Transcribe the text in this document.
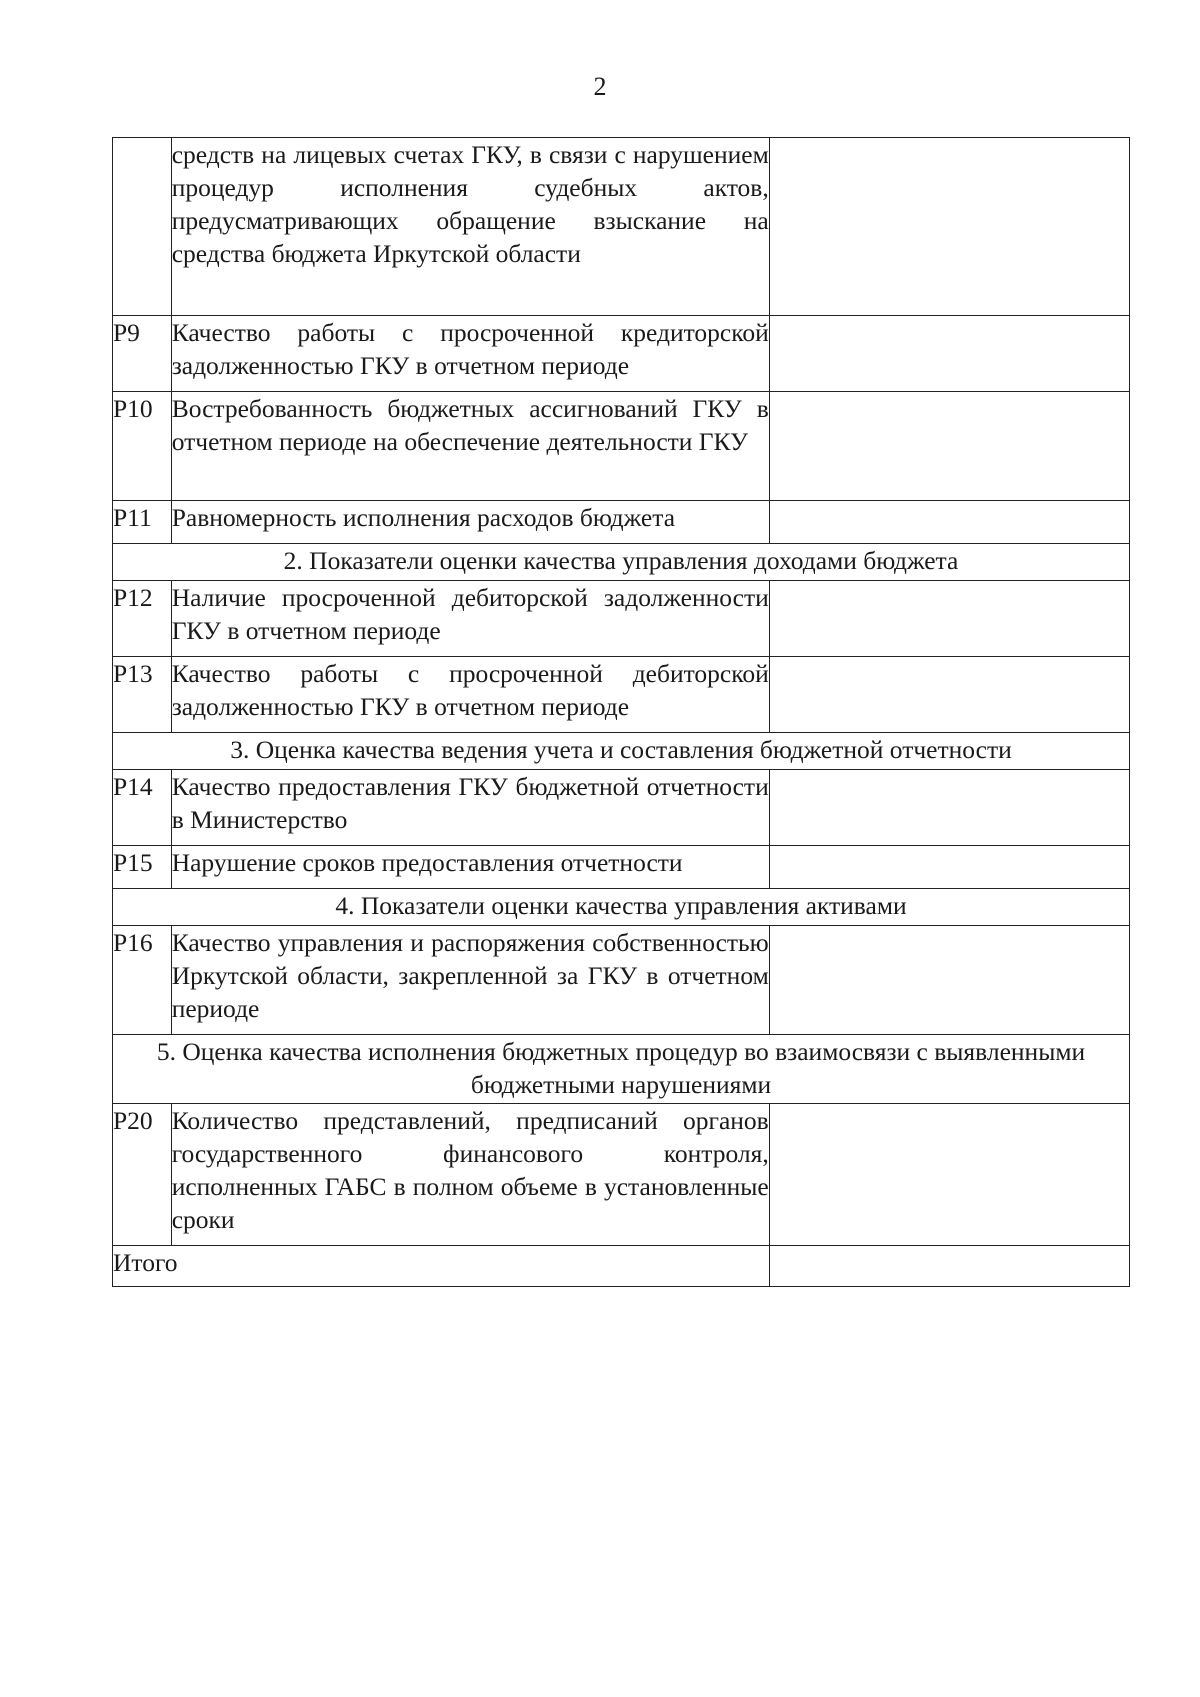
2
	средств на лицевых счетах ГКУ, в связи с нарушением процедур исполнения судебных актов, предусматривающих обращение взыскание на средства бюджета Иркутской области	
Р9	Качество работы с просроченной кредиторской задолженностью ГКУ в отчетном периоде	
Р10	Востребованность бюджетных ассигнований ГКУ в отчетном периоде на обеспечение деятельности ГКУ	
Р11	Равномерность исполнения расходов бюджета	
2. Показатели оценки качества управления доходами бюджета		
Р12	Наличие просроченной дебиторской задолженности ГКУ в отчетном периоде	
Р13	Качество работы с просроченной дебиторской задолженностью ГКУ в отчетном периоде	
3. Оценка качества ведения учета и составления бюджетной отчетности		
Р14	Качество предоставления ГКУ бюджетной отчетности в Министерство	
Р15	Нарушение сроков предоставления отчетности	
4. Показатели оценки качества управления активами		
Р16	Качество управления и распоряжения собственностью Иркутской области, закрепленной за ГКУ в отчетном периоде	
5. Оценка качества исполнения бюджетных процедур во взаимосвязи с выявленными бюджетными нарушениями		
Р20	Количество представлений, предписаний органов государственного финансового контроля, исполненных ГАБС в полном объеме в установленные сроки	
Итого		
